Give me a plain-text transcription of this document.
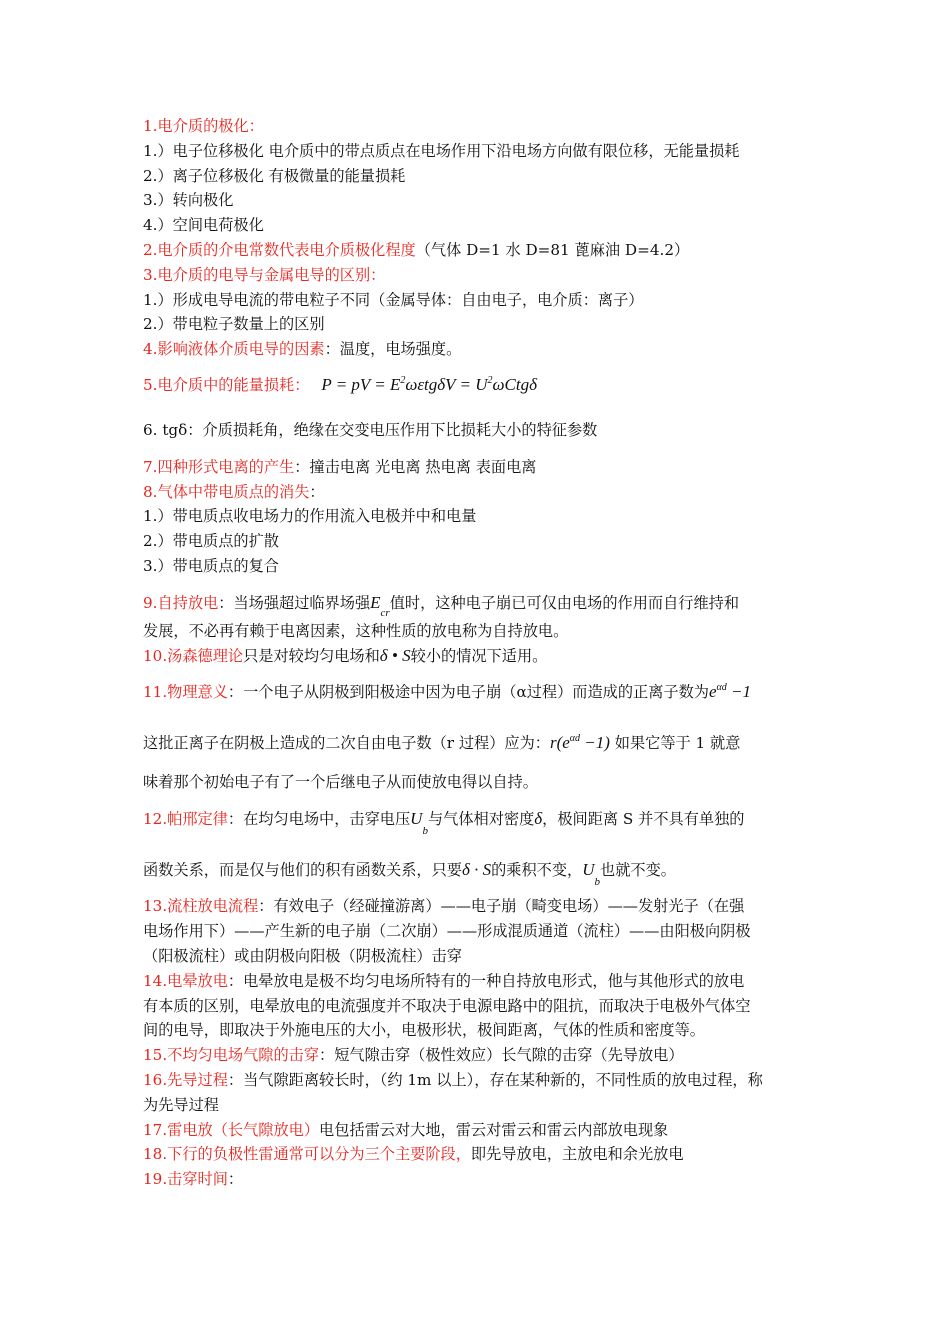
1.电介质的极化：
1.）电子位移极化 电介质中的带点质点在电场作用下沿电场方向做有限位移，无能量损耗
2.）离子位移极化 有极微量的能量损耗
3.）转向极化
4.）空间电荷极化
2.电介质的介电常数代表电介质极化程度（气体 D=1 水 D=81 蓖麻油 D=4.2）
3.电介质的电导与金属电导的区别：
1.）形成电导电流的带电粒子不同（金属导体：自由电子，电介质：离子）
2.）带电粒子数量上的区别
4.影响液体介质电导的因素：温度，电场强度。
5.电介质中的能量损耗： P = pV = $E^2\omega\varepsilon tg\delta V = U^2\omega Ctg\delta$
6. tgδ：介质损耗角，绝缘在交变电压作用下比损耗大小的特征参数
7.四种形式电离的产生：撞击电离 光电离 热电离 表面电离
8.气体中带电质点的消失：
1.）带电质点收电场力的作用流入电极并中和电量
2.）带电质点的扩散
3.）带电质点的复合
9.自持放电：当场强超过临界场强$E_{cr}$值时，这种电子崩已可仅由电场的作用而自行维持和
发展，不必再有赖于电离因素，这种性质的放电称为自持放电。
10.汤森德理论只是对较均匀电场和δ • S较小的情况下适用。
11.物理意义：一个电子从阴极到阳极途中因为电子崩（α过程）而造成的正离子数为$e^{\alpha d} -1$
这批正离子在阴极上造成的二次自由电子数（r 过程）应为：$r(e^{\alpha d} -1)$ 如果它等于 1 就意
味着那个初始电子有了一个后继电子从而使放电得以自持。
12.帕邢定律：在均匀电场中，击穿电压$U_b$与气体相对密度δ，极间距离 S 并不具有单独的
函数关系，而是仅与他们的积有函数关系，只要δ · S的乘积不变，$U_b$也就不变。
13.流柱放电流程：有效电子（经碰撞游离）——电子崩（畸变电场）——发射光子（在强
电场作用下）——产生新的电子崩（二次崩）——形成混质通道（流柱）——由阳极向阴极
（阳极流柱）或由阴极向阳极（阴极流柱）击穿
14.电晕放电：电晕放电是极不均匀电场所特有的一种自持放电形式，他与其他形式的放电
有本质的区别，电晕放电的电流强度并不取决于电源电路中的阻抗，而取决于电极外气体空
间的电导，即取决于外施电压的大小，电极形状，极间距离，气体的性质和密度等。
15.不均匀电场气隙的击穿：短气隙击穿（极性效应）长气隙的击穿（先导放电）
16.先导过程：当气隙距离较长时，（约 1m 以上），存在某种新的，不同性质的放电过程，称
为先导过程
17.雷电放（长气隙放电）电包括雷云对大地，雷云对雷云和雷云内部放电现象
18.下行的负极性雷通常可以分为三个主要阶段，即先导放电，主放电和余光放电
19.击穿时间：
